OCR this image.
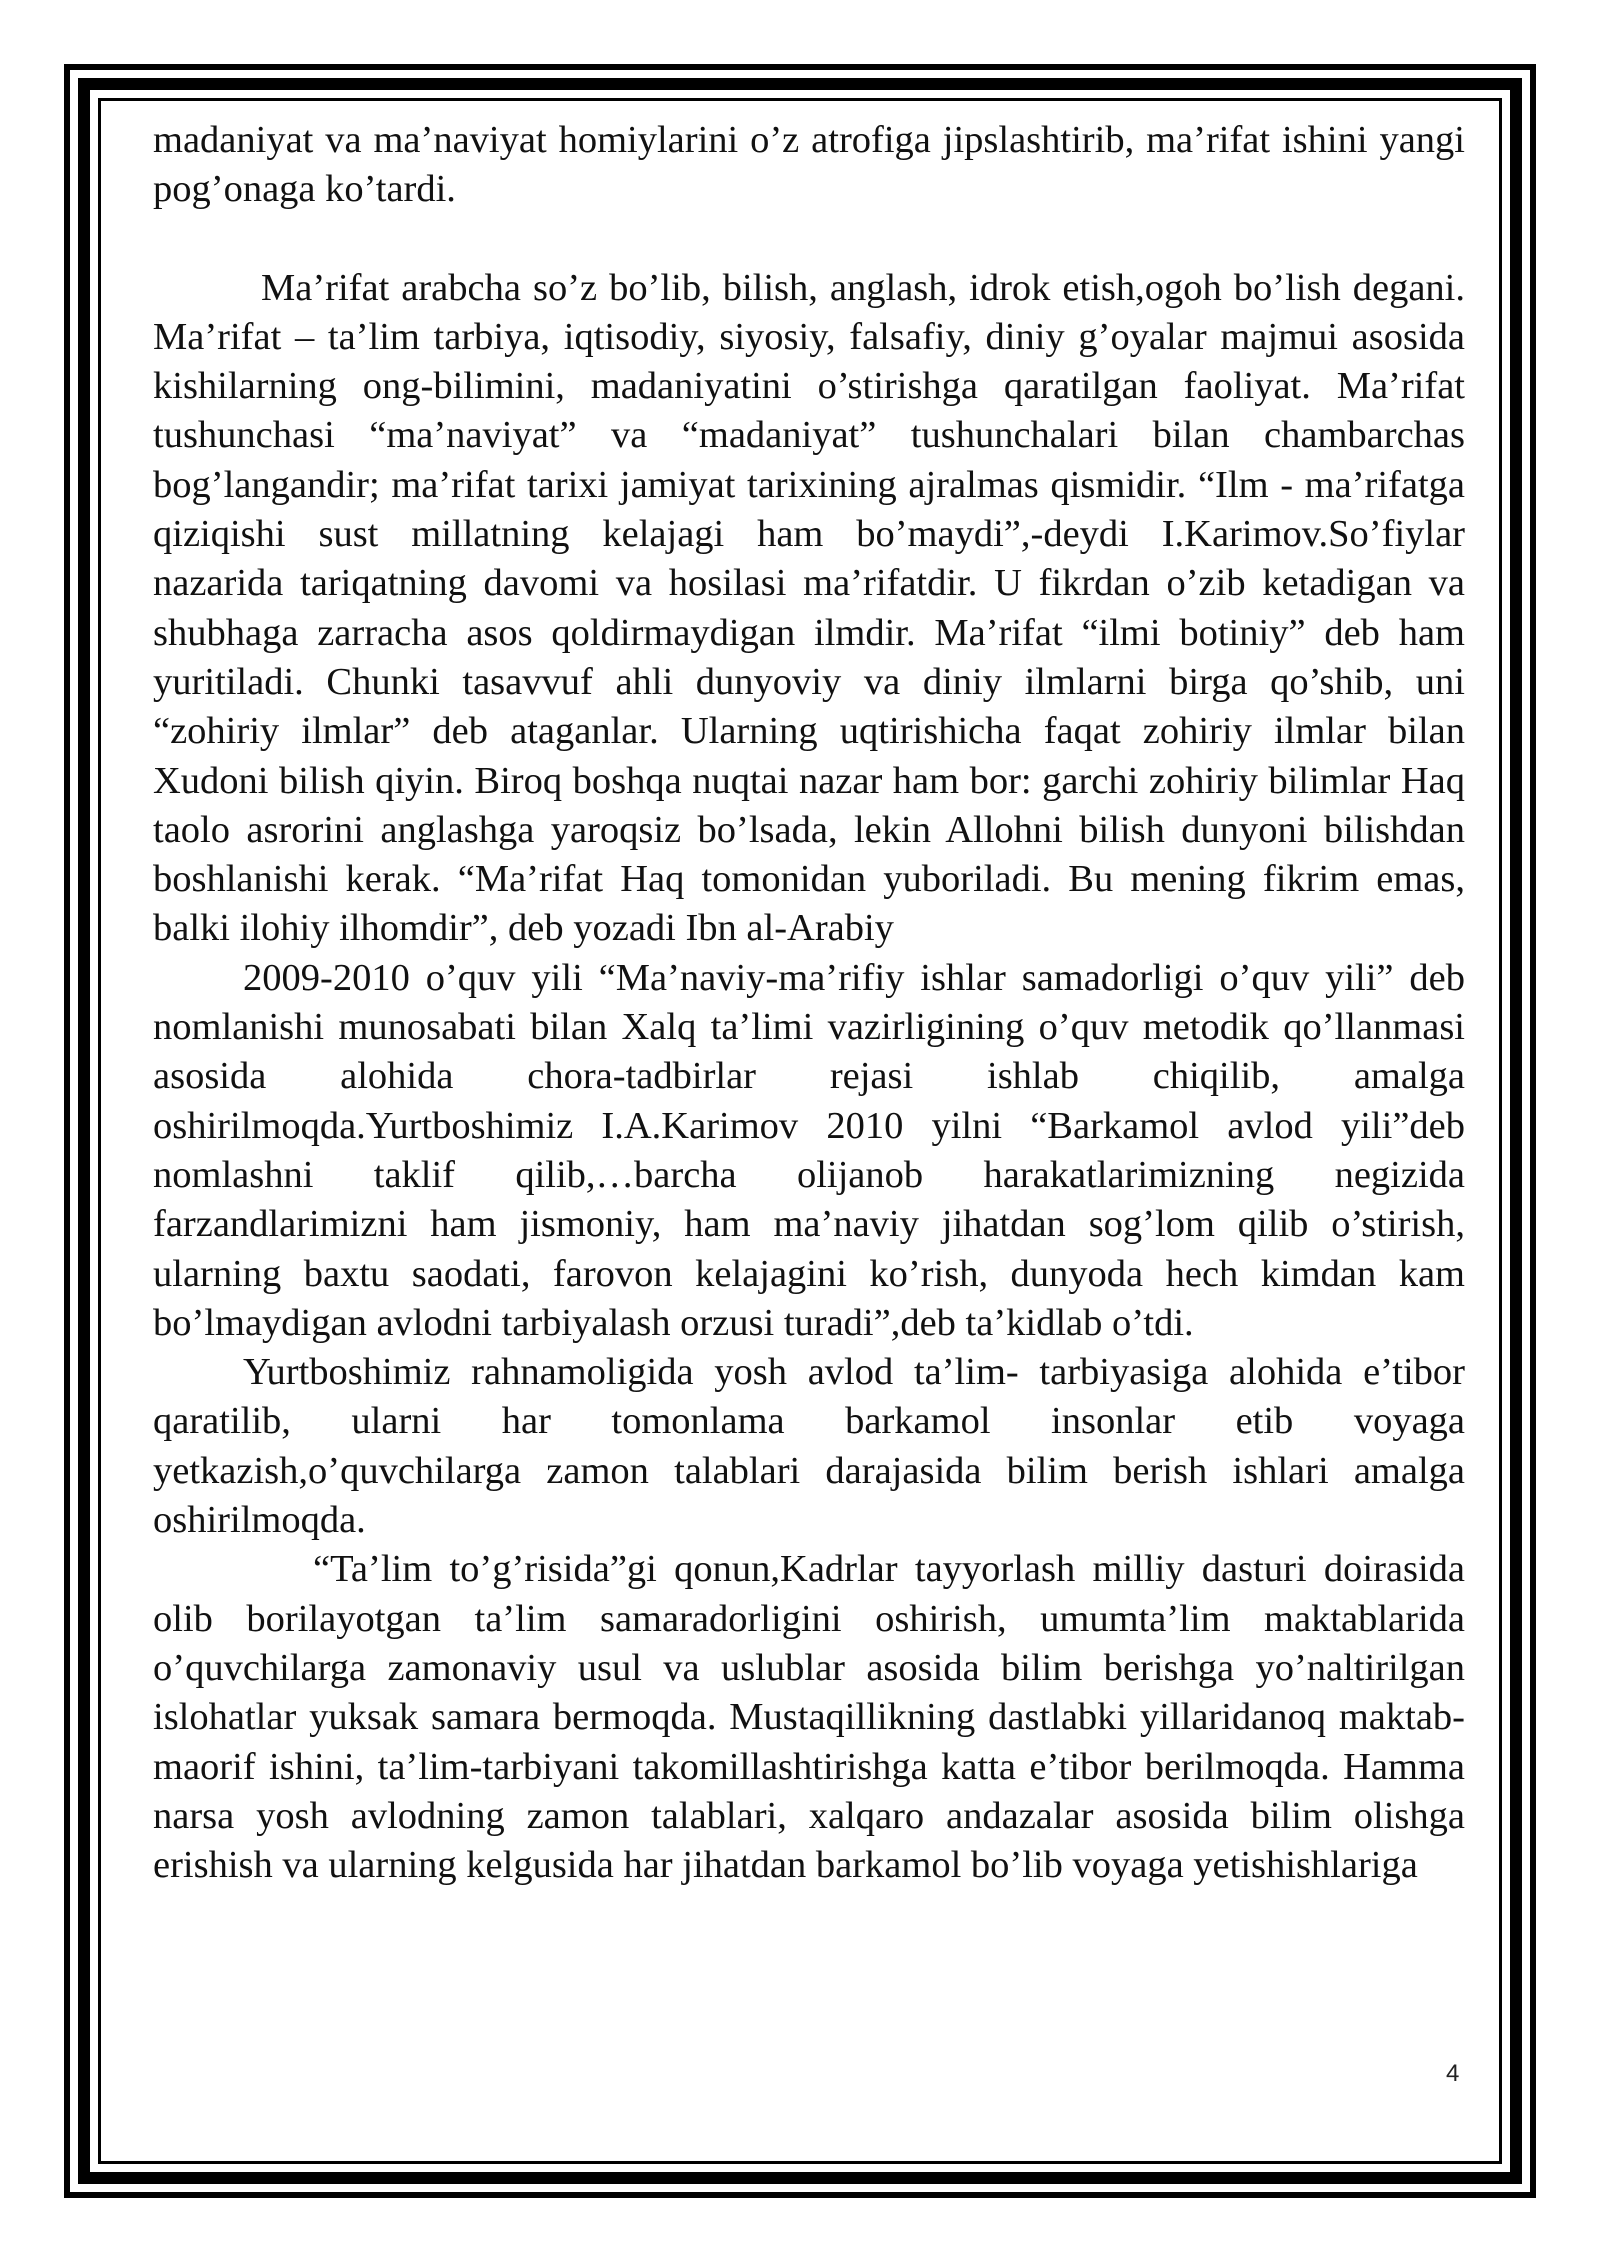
madaniyat va ma’naviyat homiylarini o’z atrofiga jipslashtirib, ma’rifat ishini yangi pog’onaga ko’tardi.

Ma’rifat arabcha so’z bo’lib, bilish, anglash, idrok etish,ogoh bo’lish degani. Ma’rifat – ta’lim tarbiya, iqtisodiy, siyosiy, falsafiy, diniy g’oyalar majmui asosida kishilarning ong-bilimini, madaniyatini o’stirishga qaratilgan faoliyat. Ma’rifat tushunchasi “ma’naviyat” va “madaniyat” tushunchalari bilan chambarchas bog’langandir; ma’rifat tarixi jamiyat tarixining ajralmas qismidir. “Ilm - ma’rifatga qiziqishi sust millatning kelajagi ham bo’maydi”,-deydi I.Karimov.So’fiylar nazarida tariqatning davomi va hosilasi ma’rifatdir. U fikrdan o’zib ketadigan va shubhaga zarracha asos qoldirmaydigan ilmdir. Ma’rifat “ilmi botiniy” deb ham yuritiladi. Chunki tasavvuf ahli dunyoviy va diniy ilmlarni birga qo’shib, uni “zohiriy ilmlar” deb ataganlar. Ularning uqtirishicha faqat zohiriy ilmlar bilan Xudoni bilish qiyin. Biroq boshqa nuqtai nazar ham bor: garchi zohiriy bilimlar Haq taolo asrorini anglashga yaroqsiz bo’lsada, lekin Allohni bilish dunyoni bilishdan boshlanishi kerak. “Ma’rifat Haq tomonidan yuboriladi. Bu mening fikrim emas, balki ilohiy ilhomdir”, deb yozadi Ibn al-Arabiy

2009-2010 o’quv yili “Ma’naviy-ma’rifiy ishlar samadorligi o’quv yili” deb nomlanishi munosabati bilan Xalq ta’limi vazirligining o’quv metodik qo’llanmasi asosida alohida chora-tadbirlar rejasi ishlab chiqilib, amalga oshirilmoqda.Yurtboshimiz I.A.Karimov 2010 yilni “Barkamol avlod yili”deb nomlashni taklif qilib,…barcha olijanob harakatlarimizning negizida farzandlarimizni ham jismoniy, ham ma’naviy jihatdan sog’lom qilib o’stirish, ularning baxtu saodati, farovon kelajagini ko’rish, dunyoda hech kimdan kam bo’lmaydigan avlodni tarbiyalash orzusi turadi”,deb ta’kidlab o’tdi.

Yurtboshimiz rahnamoligida yosh avlod ta’lim- tarbiyasiga alohida e’tibor qaratilib, ularni har tomonlama barkamol insonlar etib voyaga yetkazish,o’quvchilarga zamon talablari darajasida bilim berish ishlari amalga oshirilmoqda.

“Ta’lim to’g’risida”gi qonun,Kadrlar tayyorlash milliy dasturi doirasida olib borilayotgan ta’lim samaradorligini oshirish, umumta’lim maktablarida o’quvchilarga zamonaviy usul va uslublar asosida bilim berishga yo’naltirilgan islohatlar yuksak samara bermoqda. Mustaqillikning dastlabki yillaridanoq maktab-maorif ishini, ta’lim-tarbiyani takomillashtirishga katta e’tibor berilmoqda. Hamma narsa yosh avlodning zamon talablari, xalqaro andazalar asosida bilim olishga erishish va ularning kelgusida har jihatdan barkamol bo’lib voyaga yetishishlariga

4
